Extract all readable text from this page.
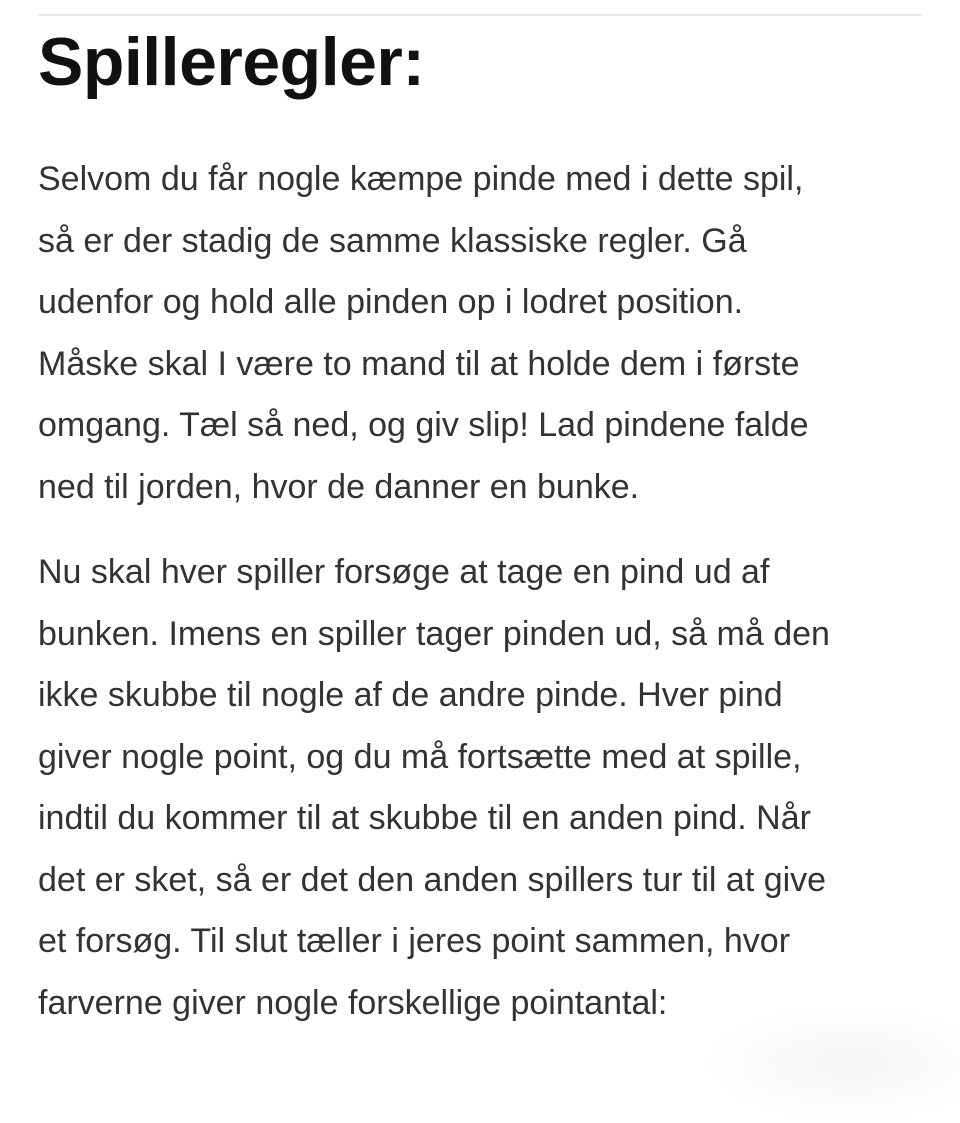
Spilleregler:

Selvom du får nogle kæmpe pinde med i dette spil,
så er der stadig de samme klassiske regler. Gå
udenfor og hold alle pinden op i lodret position.
Måske skal I være to mand til at holde dem i første
omgang. Tæl så ned, og giv slip! Lad pindene falde
ned til jorden, hvor de danner en bunke.

Nu skal hver spiller forsøge at tage en pind ud af
bunken. Imens en spiller tager pinden ud, så må den
ikke skubbe til nogle af de andre pinde. Hver pind
giver nogle point, og du må fortsætte med at spille,
indtil du kommer til at skubbe til en anden pind. Når
det er sket, så er det den anden spillers tur til at give
et forsøg. Til slut tæller i jeres point sammen, hvor
farverne giver nogle forskellige pointantal:
